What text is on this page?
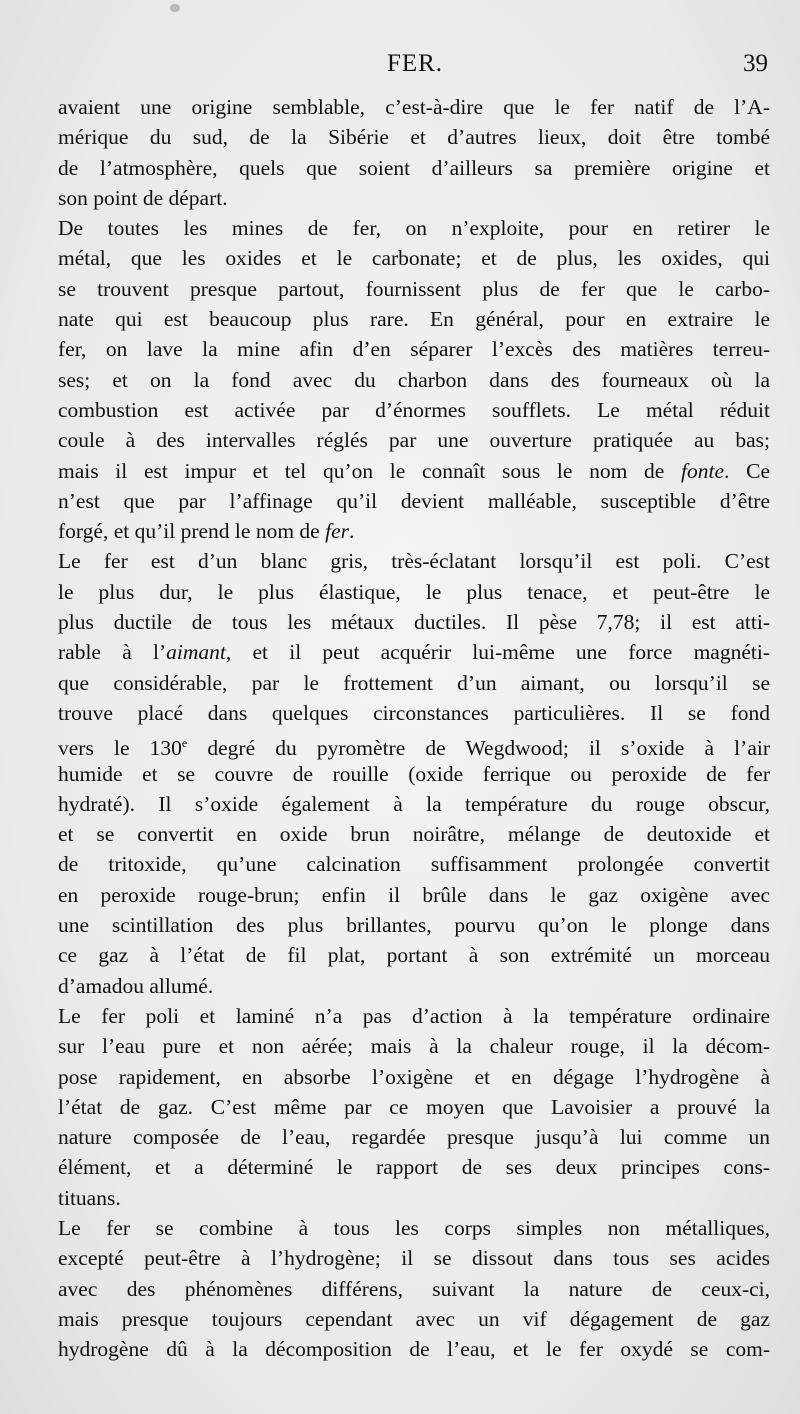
FER.	39
avaient une origine semblable, c’est-à-dire que le fer natif de l’A-
mérique du sud, de la Sibérie et d’autres lieux, doit être tombé
de l’atmosphère, quels que soient d’ailleurs sa première origine et
son point de départ.
De toutes les mines de fer, on n’exploite, pour en retirer le
métal, que les oxides et le carbonate; et de plus, les oxides, qui
se trouvent presque partout, fournissent plus de fer que le carbo-
nate qui est beaucoup plus rare. En général, pour en extraire le
fer, on lave la mine afin d’en séparer l’excès des matières terreu-
ses; et on la fond avec du charbon dans des fourneaux où la
combustion est activée par d’énormes soufflets. Le métal réduit
coule à des intervalles réglés par une ouverture pratiquée au bas;
mais il est impur et tel qu’on le connaît sous le nom de fonte. Ce
n’est que par l’affinage qu’il devient malléable, susceptible d’être
forgé, et qu’il prend le nom de fer.
Le fer est d’un blanc gris, très-éclatant lorsqu’il est poli. C’est
le plus dur, le plus élastique, le plus tenace, et peut-être le
plus ductile de tous les métaux ductiles. Il pèse 7,78; il est atti-
rable à l’aimant, et il peut acquérir lui-même une force magnéti-
que considérable, par le frottement d’un aimant, ou lorsqu’il se
trouve placé dans quelques circonstances particulières. Il se fond
vers le 130e degré du pyromètre de Wegdwood; il s’oxide à l’air
humide et se couvre de rouille (oxide ferrique ou peroxide de fer
hydraté). Il s’oxide également à la température du rouge obscur,
et se convertit en oxide brun noirâtre, mélange de deutoxide et
de tritoxide, qu’une calcination suffisamment prolongée convertit
en peroxide rouge-brun; enfin il brûle dans le gaz oxigène avec
une scintillation des plus brillantes, pourvu qu’on le plonge dans
ce gaz à l’état de fil plat, portant à son extrémité un morceau
d’amadou allumé.
Le fer poli et laminé n’a pas d’action à la température ordinaire
sur l’eau pure et non aérée; mais à la chaleur rouge, il la décom-
pose rapidement, en absorbe l’oxigène et en dégage l’hydrogène à
l’état de gaz. C’est même par ce moyen que Lavoisier a prouvé la
nature composée de l’eau, regardée presque jusqu’à lui comme un
élément, et a déterminé le rapport de ses deux principes cons-
tituans.
Le fer se combine à tous les corps simples non métalliques,
excepté peut-être à l’hydrogène; il se dissout dans tous ses acides
avec des phénomènes différens, suivant la nature de ceux-ci,
mais presque toujours cependant avec un vif dégagement de gaz
hydrogène dû à la décomposition de l’eau, et le fer oxydé se com-
